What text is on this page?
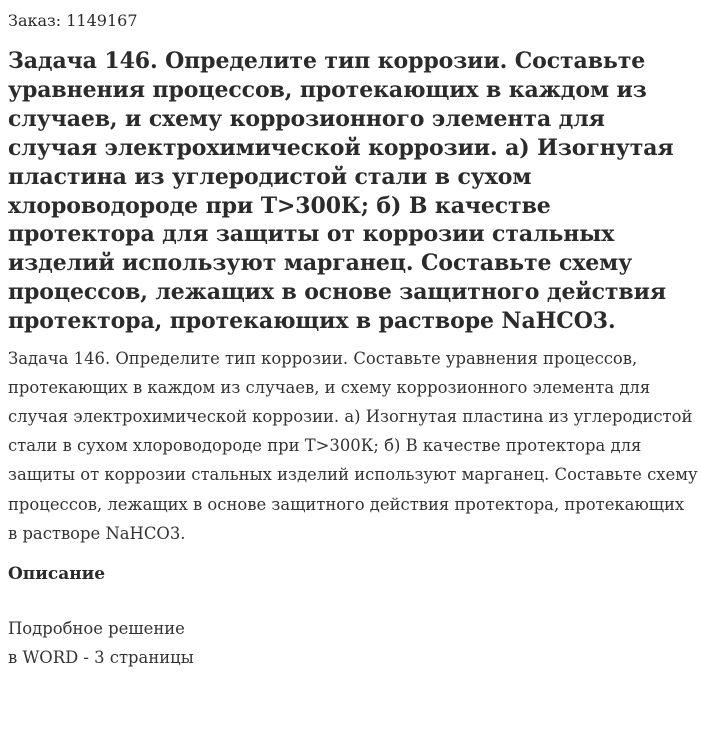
Заказ: 1149167
Задача 146. Определите тип коррозии. Составьте уравнения процессов, протекающих в каждом из случаев, и схему коррозионного элемента для случая электрохимической коррозии. а) Изогнутая пластина из углеродистой стали в сухом хлороводороде при Т>300К; б) В качестве протектора для защиты от коррозии стальных изделий используют марганец. Составьте схему процессов, лежащих в основе защитного действия протектора, протекающих в растворе NaHCO3.

Задача 146. Определите тип коррозии. Составьте уравнения процессов, протекающих в каждом из случаев, и схему коррозионного элемента для случая электрохимической коррозии. а) Изогнутая пластина из углеродистой стали в сухом хлороводороде при Т>300К; б) В качестве протектора для защиты от коррозии стальных изделий используют марганец. Составьте схему процессов, лежащих в основе защитного действия протектора, протекающих в растворе NaHCO3.

Описание
Подробное решение
в WORD - 3 страницы
